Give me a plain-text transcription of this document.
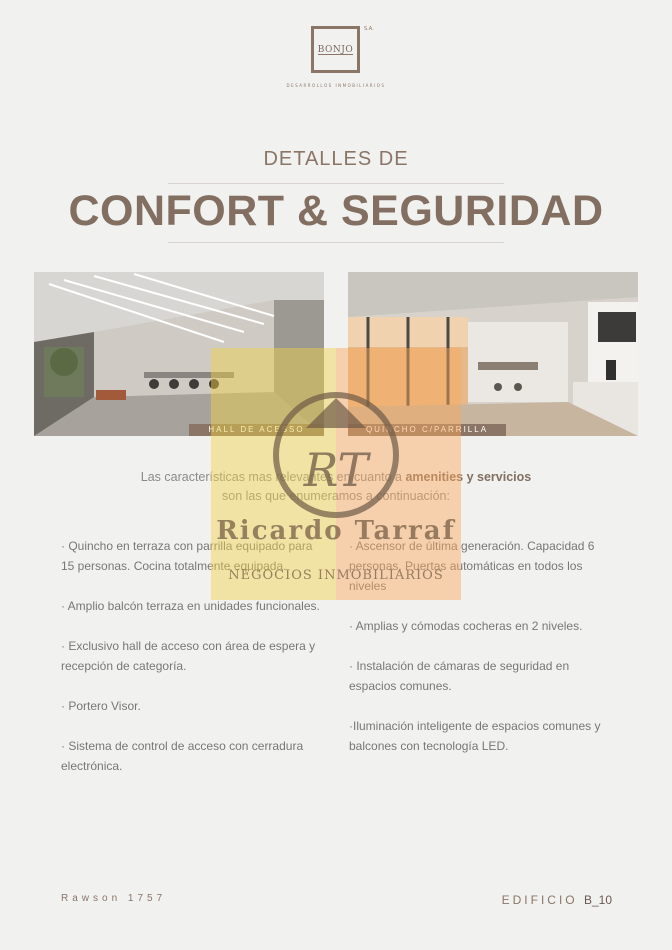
BONJO
S.A.
DESARROLLOS INMOBILIARIOS
DETALLES DE
CONFORT & SEGURIDAD
HALL DE ACESSO	QUINCHO C/PARRILLA
Las características mas relevantes en cuanto a amenities y servicios
son las que enumeramos a continuación:

· Quincho en terraza con parrilla equipado para 15 personas. Cocina totalmente equipada.

· Amplio balcón terraza en unidades funcionales.

· Exclusivo hall de acceso con área de espera y recepción de categoría.

· Portero Visor.

· Sistema de control de acceso con cerradura electrónica.

· Ascensor de última generación. Capacidad 6 personas. Puertas automáticas en todos los niveles

· Amplias y cómodas cocheras en 2 niveles.

· Instalación de cámaras de seguridad en espacios comunes.

·Iluminación inteligente de espacios comunes y balcones con tecnología LED.

RT
Ricardo Tarraf
NEGOCIOS INMOBILIARIOS
Rawson 1757	EDIFICIO B_10
